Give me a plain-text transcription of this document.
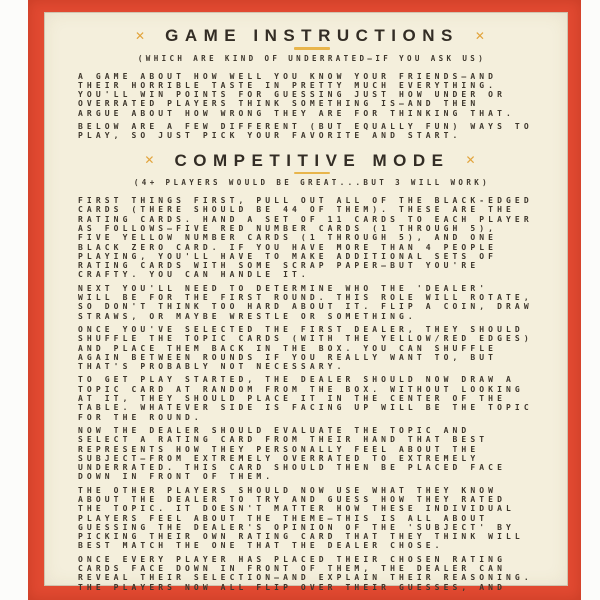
✕ GAME INSTRUCTIONS ✕
(WHICH ARE KIND OF UNDERRATED—IF YOU ASK US)
A GAME ABOUT HOW WELL YOU KNOW YOUR FRIENDS—AND
THEIR HORRIBLE TASTE IN PRETTY MUCH EVERYTHING.
YOU'LL WIN POINTS FOR GUESSING JUST HOW UNDER OR
OVERRATED PLAYERS THINK SOMETHING IS—AND THEN
ARGUE ABOUT HOW WRONG THEY ARE FOR THINKING THAT.
BELOW ARE A FEW DIFFERENT (BUT EQUALLY FUN) WAYS TO
PLAY, SO JUST PICK YOUR FAVORITE AND START.
✕ COMPETITIVE MODE ✕
(4+ PLAYERS WOULD BE GREAT...BUT 3 WILL WORK)
FIRST THINGS FIRST, PULL OUT ALL OF THE BLACK-EDGED
CARDS (THERE SHOULD BE 44 OF THEM). THESE ARE THE
RATING CARDS. HAND A SET OF 11 CARDS TO EACH PLAYER
AS FOLLOWS—FIVE RED NUMBER CARDS (1 THROUGH 5),
FIVE YELLOW NUMBER CARDS (1 THROUGH 5), AND ONE
BLACK ZERO CARD. IF YOU HAVE MORE THAN 4 PEOPLE
PLAYING, YOU'LL HAVE TO MAKE ADDITIONAL SETS OF
RATING CARDS WITH SOME SCRAP PAPER—BUT YOU'RE
CRAFTY. YOU CAN HANDLE IT.
NEXT YOU'LL NEED TO DETERMINE WHO THE 'DEALER'
WILL BE FOR THE FIRST ROUND. THIS ROLE WILL ROTATE,
SO DON'T THINK TOO HARD ABOUT IT. FLIP A COIN, DRAW
STRAWS, OR MAYBE WRESTLE OR SOMETHING.
ONCE YOU'VE SELECTED THE FIRST DEALER, THEY SHOULD
SHUFFLE THE TOPIC CARDS (WITH THE YELLOW/RED EDGES)
AND PLACE THEM BACK IN THE BOX. YOU CAN SHUFFLE
AGAIN BETWEEN ROUNDS IF YOU REALLY WANT TO, BUT
THAT'S PROBABLY NOT NECESSARY.
TO GET PLAY STARTED, THE DEALER SHOULD NOW DRAW A
TOPIC CARD AT RANDOM FROM THE BOX. WITHOUT LOOKING
AT IT, THEY SHOULD PLACE IT IN THE CENTER OF THE
TABLE. WHATEVER SIDE IS FACING UP WILL BE THE TOPIC
FOR THE ROUND.
NOW THE DEALER SHOULD EVALUATE THE TOPIC AND
SELECT A RATING CARD FROM THEIR HAND THAT BEST
REPRESENTS HOW THEY PERSONALLY FEEL ABOUT THE
SUBJECT—FROM EXTREMELY OVERRATED TO EXTREMELY
UNDERRATED. THIS CARD SHOULD THEN BE PLACED FACE
DOWN IN FRONT OF THEM.
THE OTHER PLAYERS SHOULD NOW USE WHAT THEY KNOW
ABOUT THE DEALER TO TRY AND GUESS HOW THEY RATED
THE TOPIC. IT DOESN'T MATTER HOW THESE INDIVIDUAL
PLAYERS FEEL ABOUT THE THEME—THIS IS ALL ABOUT
GUESSING THE DEALER'S OPINION OF THE 'SUBJECT' BY
PICKING THEIR OWN RATING CARD THAT THEY THINK WILL
BEST MATCH THE ONE THAT THE DEALER CHOSE.
ONCE EVERY PLAYER HAS PLACED THEIR CHOSEN RATING
CARDS FACE DOWN IN FRONT OF THEM, THE DEALER CAN
REVEAL THEIR SELECTION—AND EXPLAIN THEIR REASONING.
THE PLAYERS NOW ALL FLIP OVER THEIR GUESSES, AND
